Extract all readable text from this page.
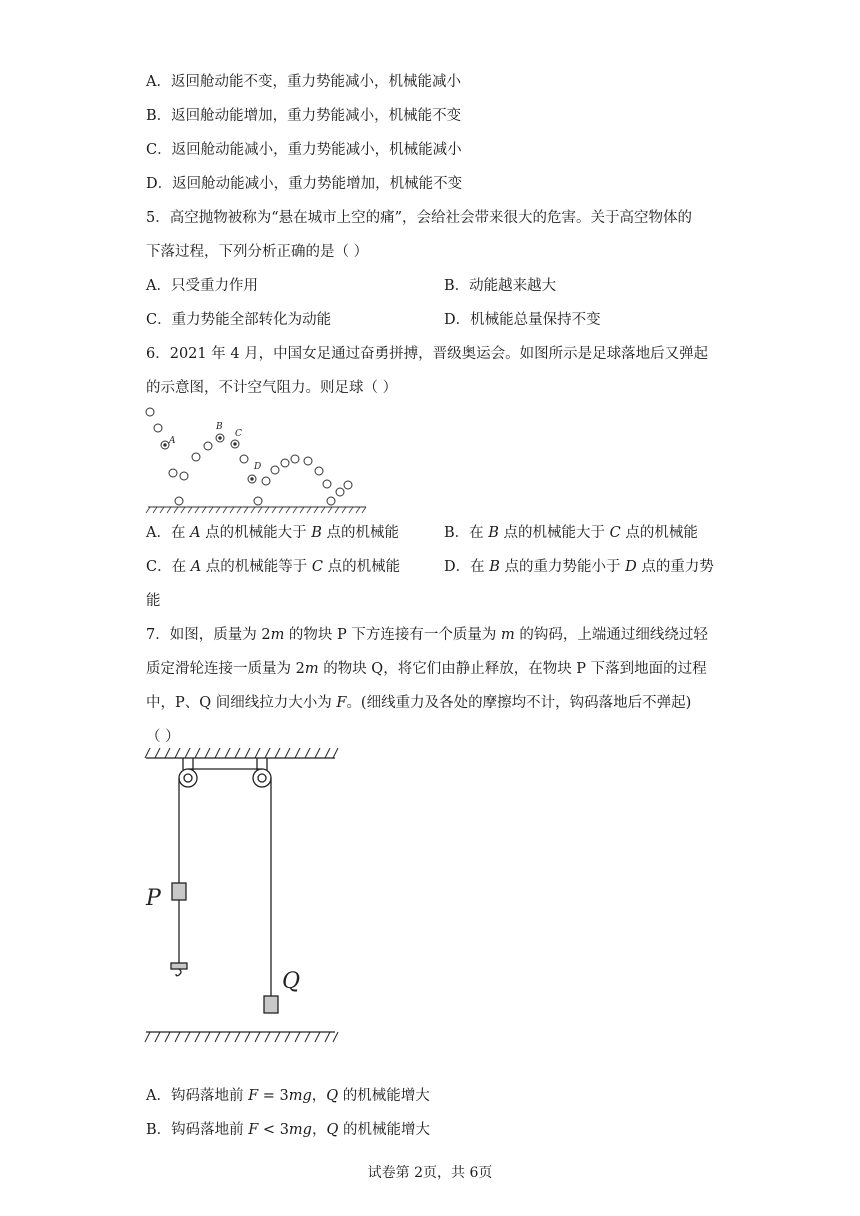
A．返回舱动能不变，重力势能减小，机械能减小
B．返回舱动能增加，重力势能减小，机械能不变
C．返回舱动能减小，重力势能减小，机械能减小
D．返回舱动能减小，重力势能增加，机械能不变
5．高空抛物被称为“悬在城市上空的痛”，会给社会带来很大的危害。关于高空物体的
下落过程，下列分析正确的是（ ）
A．只受重力作用	B．动能越来越大
C．重力势能全部转化为动能	D．机械能总量保持不变
6．2021 年 4 月，中国女足通过奋勇拼搏，晋级奥运会。如图所示是足球落地后又弹起
的示意图，不计空气阻力。则足球（ ）
A
B
C
D
A．在 A 点的机械能大于 B 点的机械能	B．在 B 点的机械能大于 C 点的机械能
C．在 A 点的机械能等于 C 点的机械能	D．在 B 点的重力势能小于 D 点的重力势
能
7．如图，质量为 2m 的物块 P 下方连接有一个质量为 m 的钩码，上端通过细线绕过轻
质定滑轮连接一质量为 2m 的物块 Q，将它们由静止释放，在物块 P 下落到地面的过程
中，P、Q 间细线拉力大小为 F。(细线重力及各处的摩擦均不计，钩码落地后不弹起)
（ ）
P
Q
A．钩码落地前 F = 3mg，Q 的机械能增大
B．钩码落地前 F < 3mg，Q 的机械能增大
试卷第 2页，共 6页
